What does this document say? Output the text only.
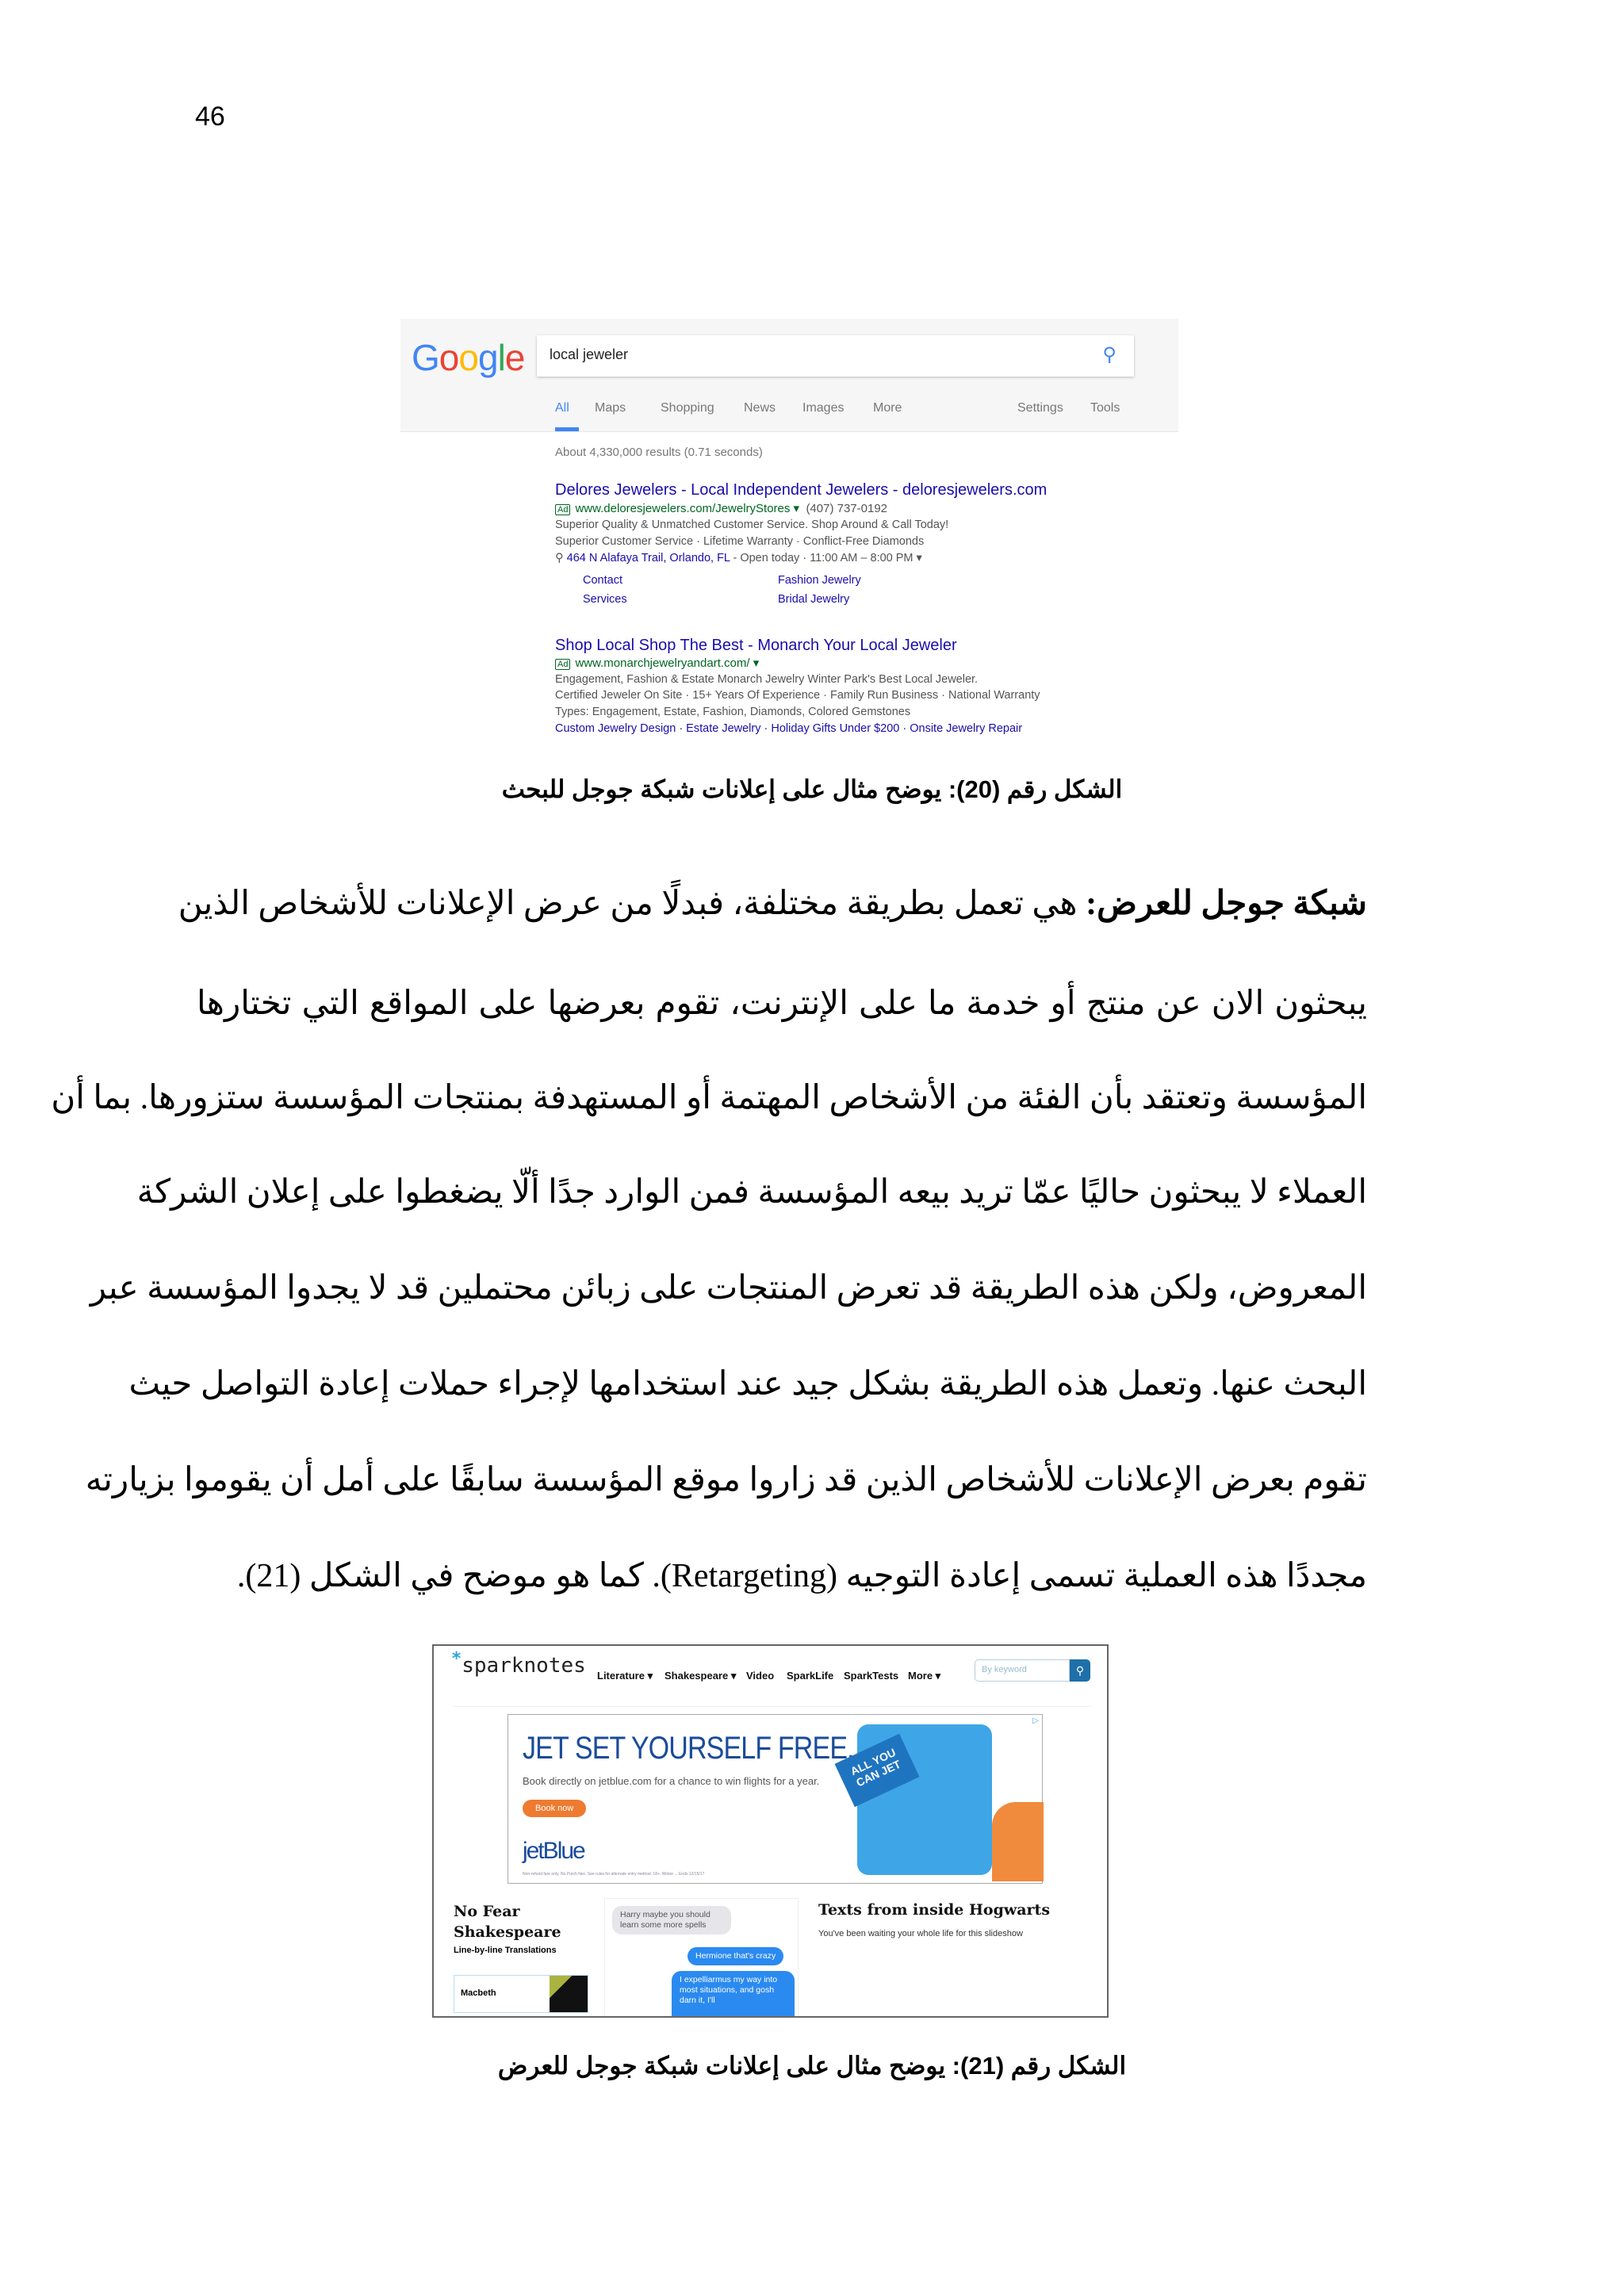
46
Google local jeweler	⚲
All Maps	Shopping News Images More	Settings Tools
About 4,330,000 results (0.71 seconds)
Delores Jewelers - Local Independent Jewelers - deloresjewelers.com
Ad www.deloresjewelers.com/JewelryStores ▾ (407) 737-0192
Superior Quality & Unmatched Customer Service. Shop Around & Call Today!
Superior Customer Service · Lifetime Warranty · Conflict-Free Diamonds
⚲ 464 N Alafaya Trail, Orlando, FL - Open today · 11:00 AM – 8:00 PM ▾
Contact	Fashion Jewelry
Services	Bridal Jewelry
Shop Local Shop The Best - Monarch Your Local Jeweler
Ad www.monarchjewelryandart.com/ ▾
Engagement, Fashion & Estate Monarch Jewelry Winter Park's Best Local Jeweler.
Certified Jeweler On Site · 15+ Years Of Experience · Family Run Business · National Warranty
Types: Engagement, Estate, Fashion, Diamonds, Colored Gemstones
Custom Jewelry Design · Estate Jewelry · Holiday Gifts Under $200 · Onsite Jewelry Repair
الشكل رقم (20): يوضح مثال على إعلانات شبكة جوجل للبحث
شبكة جوجل للعرض: هي تعمل بطريقة مختلفة، فبدلًا من عرض الإعلانات للأشخاص الذين
يبحثون الان عن منتج أو خدمة ما على الإنترنت، تقوم بعرضها على المواقع التي تختارها
المؤسسة وتعتقد بأن الفئة من الأشخاص المهتمة أو المستهدفة بمنتجات المؤسسة ستزورها. بما أن
العملاء لا يبحثون حاليًا عمّا تريد بيعه المؤسسة فمن الوارد جدًا ألّا يضغطوا على إعلان الشركة
المعروض، ولكن هذه الطريقة قد تعرض المنتجات على زبائن محتملين قد لا يجدوا المؤسسة عبر
البحث عنها. وتعمل هذه الطريقة بشكل جيد عند استخدامها لإجراء حملات إعادة التواصل حيث
تقوم بعرض الإعلانات للأشخاص الذين قد زاروا موقع المؤسسة سابقًا على أمل أن يقوموا بزيارته
مجددًا هذه العملية تسمى إعادة التوجيه (Retargeting). كما هو موضح في الشكل (21).
*sparknotes Literature ▾ Shakespeare ▾ Video SparkLife SparkTests More ▾	By keyword	⚲
JET SET YOURSELF FREE.
Book directly on jetblue.com for a chance to win flights for a year.
Book now
jetBlue
Non-refund fare only. No Purch Nec. See rules for alternate entry method. 18+. Winter ... Ends 12/15/17
ALL YOU CAN JET
▷
No Fear Shakespeare
Line-by-line Translations
Macbeth
Harry maybe you should learn some more spells
Hermione that's crazy
I expelliarmus my way into most situations, and gosh darn it, I'll
Texts from inside Hogwarts
You've been waiting your whole life for this slideshow
الشكل رقم (21): يوضح مثال على إعلانات شبكة جوجل للعرض
